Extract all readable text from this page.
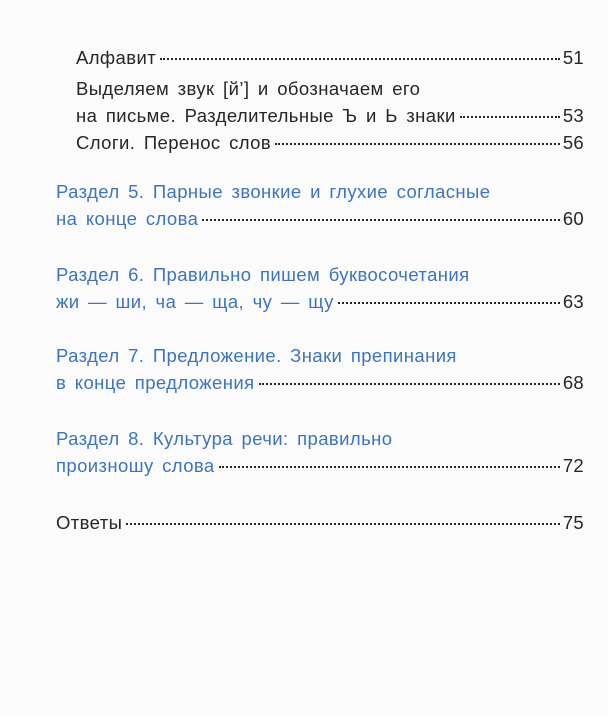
Алфавит	51
Выделяем звук [й’] и обозначаем его
на письме. Разделительные Ъ и Ь знаки	53
Слоги. Перенос слов	56
Раздел 5. Парные звонкие и глухие согласные
на конце слова	60
Раздел 6. Правильно пишем буквосочетания
жи — ши, ча — ща, чу — щу	63
Раздел 7. Предложение. Знаки препинания
в конце предложения	68
Раздел 8. Культура речи: правильно
произношу слова	72
Ответы	75
